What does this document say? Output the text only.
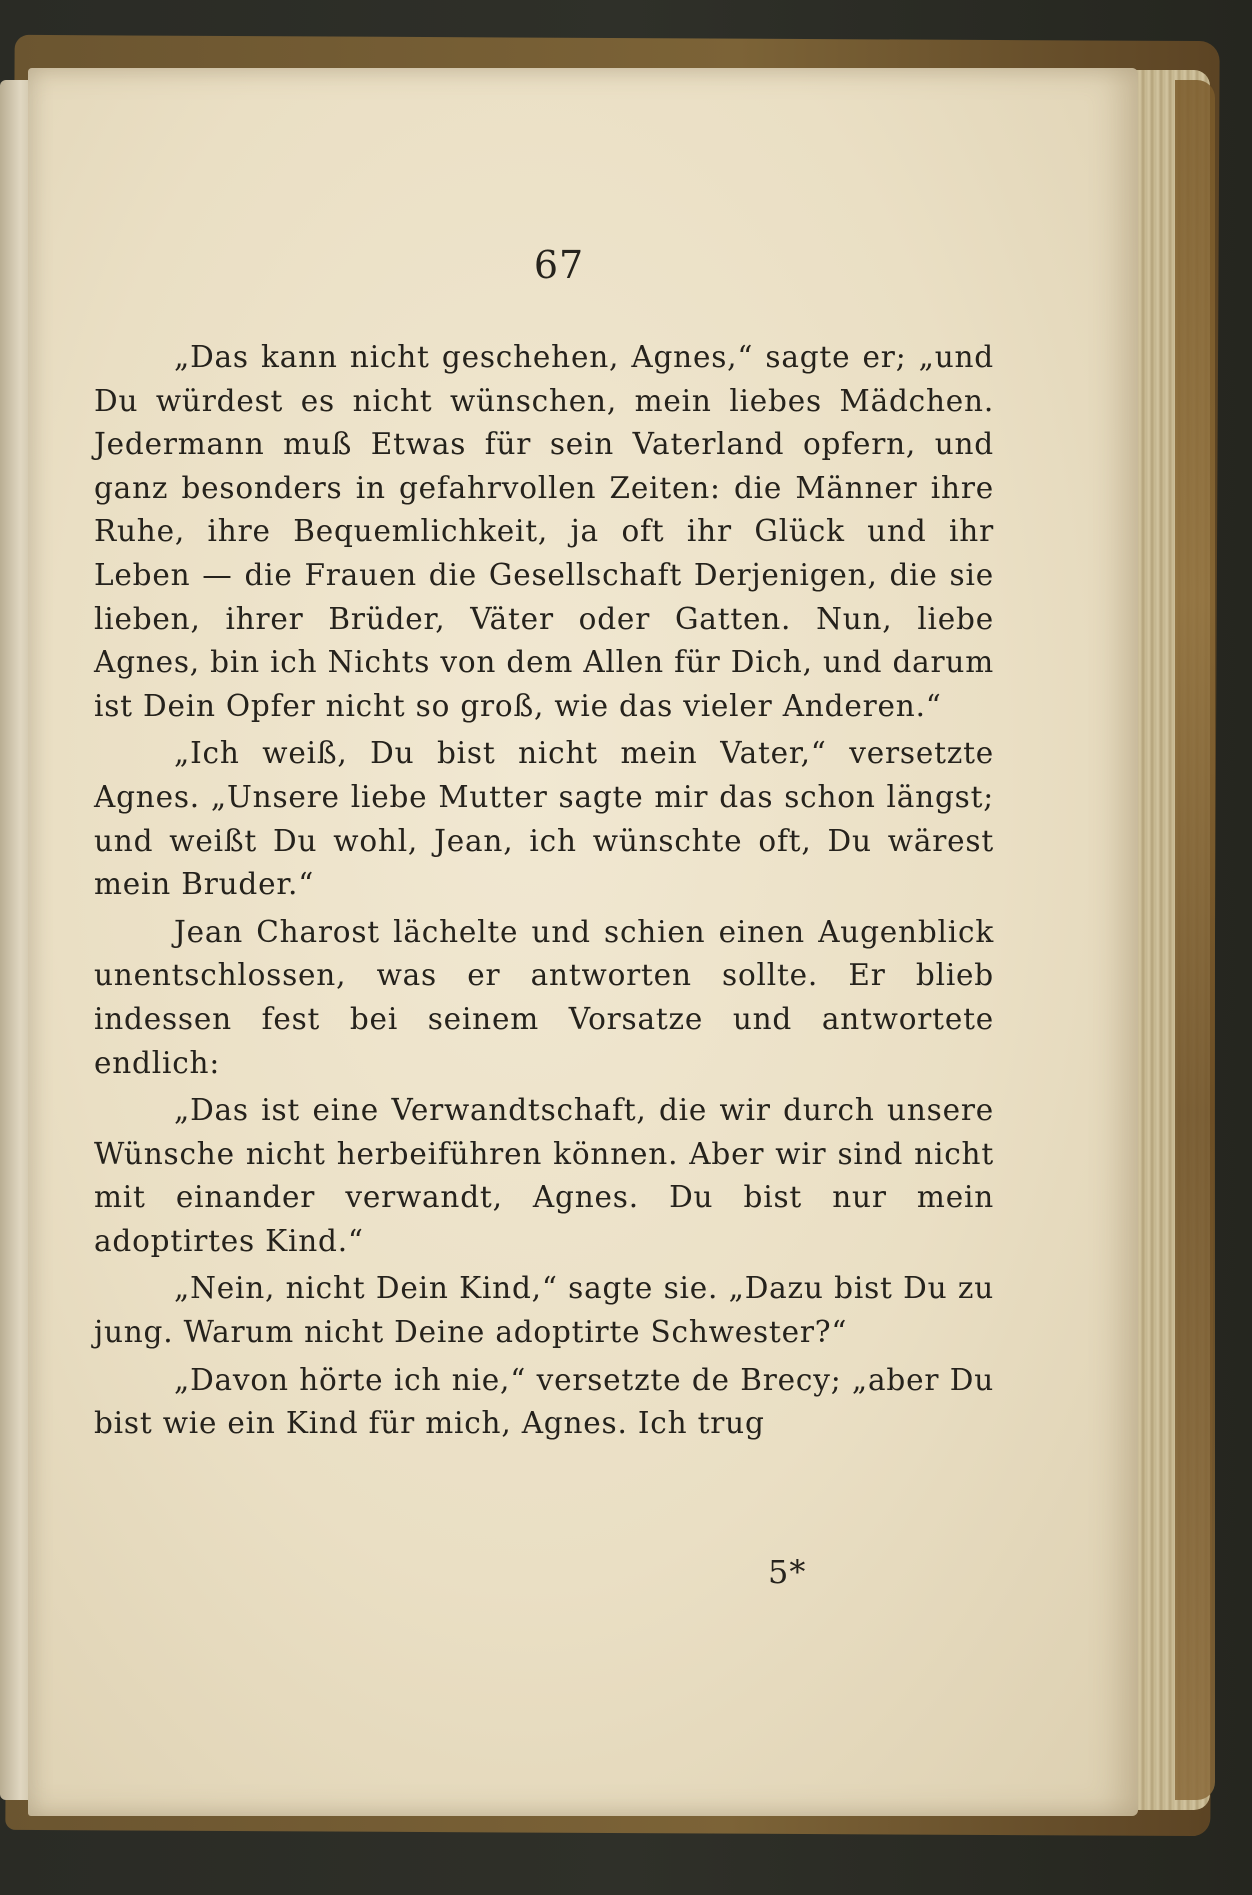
67

„Das kann nicht geschehen, Agnes,“ sagte er; „und Du würdest es nicht wünschen, mein liebes Mädchen. Jedermann muß Etwas für sein Vaterland opfern, und ganz besonders in gefahrvollen Zeiten: die Männer ihre Ruhe, ihre Bequemlichkeit, ja oft ihr Glück und ihr Leben — die Frauen die Gesellschaft Derjenigen, die sie lieben, ihrer Brüder, Väter oder Gatten. Nun, liebe Agnes, bin ich Nichts von dem Allen für Dich, und darum ist Dein Opfer nicht so groß, wie das vieler Anderen.“

„Ich weiß, Du bist nicht mein Vater,“ versetzte Agnes. „Unsere liebe Mutter sagte mir das schon längst; und weißt Du wohl, Jean, ich wünschte oft, Du wärest mein Bruder.“

Jean Charost lächelte und schien einen Augenblick unentschlossen, was er antworten sollte. Er blieb indessen fest bei seinem Vorsatze und antwortete endlich:

„Das ist eine Verwandtschaft, die wir durch unsere Wünsche nicht herbeiführen können. Aber wir sind nicht mit einander verwandt, Agnes. Du bist nur mein adoptirtes Kind.“

„Nein, nicht Dein Kind,“ sagte sie. „Dazu bist Du zu jung. Warum nicht Deine adoptirte Schwester?“

„Davon hörte ich nie,“ versetzte de Brecy; „aber Du bist wie ein Kind für mich, Agnes. Ich trug

5*
